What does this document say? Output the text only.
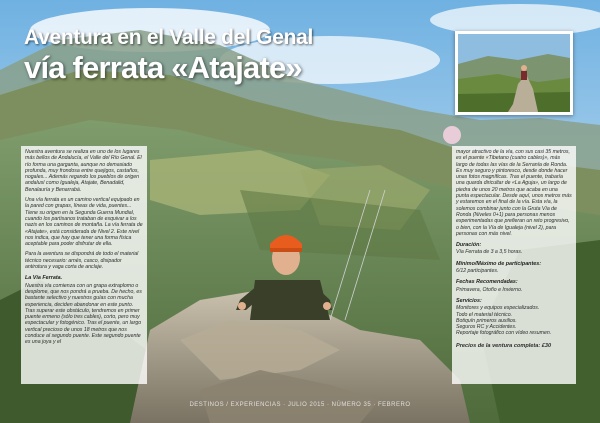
Aventura en el Valle del Genal
vía ferrata «Atajate»

Nuestra aventura se realiza en uno de los lugares más bellos de Andalucía, el Valle del Río Genal. El río forma una garganta, aunque no demasiado profunda, muy frondosa entre quejigos, castaños, nogales... Además regando los pueblos de origen andalusí como Igualeja, Atajate, Benadalid, Benalauría y Benarrabá.

Una vía ferrata es un camino vertical equipado en la pared con grapas, líneas de vida, puentes... Tiene su origen en la Segunda Guerra Mundial, cuando los partisanos trataban de esquivar a los nazis en los caminos de montaña. La vía ferrata de «Atajate», está considerada de Nivel 2. Este nivel nos indica, que hay que tener una forma física aceptable para poder disfrutar de ella.

Para la aventura se dispondrá de todo el material técnico necesario: arnés, casco, disipador antirotura y vaga corta de anclaje.

La Vía Ferrata.

Nuestra vía comienza con un grapa extraplomo o desplome, que nos pondrá a prueba. De hecho, es bastante selectivo y nuestros guías con mucha experiencia, deciden abandonar en este punto. Tras superar este obstáculo, tendremos en primer puente ermeno (sólo tres cables), corto, pero muy espectacular y fotogénico. Tras el puente, un largo vertical precioso de unos 18 metros que nos conduce al segundo puente. Este segundo puente es una joya y el

mayor atractivo de la vía, con sus casi 35 metros, es el puente «Tibetano (cuatro cables)», más largo de todas las vías de la Serranía de Ronda. Es muy seguro y pintoresco, desde donde hacer unas fotos magníficas. Tras el puente, trabaría una quarda diricultar de «La Aguja», un largo de piedra de unos 20 metros que acaba en una punta espectacular. Desde aquí, unos metros más y estaremos en el final de la vía. Esta vía, la solemos combinar junto con la Gruta Vía de Ronda (Niveles 0+1) para personas menos experimentadas que prefieran un reto progresivo, o bien, con la Vía de Igualeja (nivel 2), para personas con más nivel.

Duración:

Vía Ferrata de 3 a 3,5 horas.

Mínimo/Máximo de participantes:

6/12 participantes.

Fechas Recomendadas:

Primavera, Otoño e Invierno.

Servicios:
Monitores y equipos especializados.
Todo el material técnico.
Botiquín primeros auxilios.
Seguros RC y Accidentes.
Reportaje fotográfico con vídeo resumen.
Precios de la ventura completa: £30
DESTINOS / EXPERIENCIAS · JULIO 2015 · NÚMERO 35 · FEBRERO
